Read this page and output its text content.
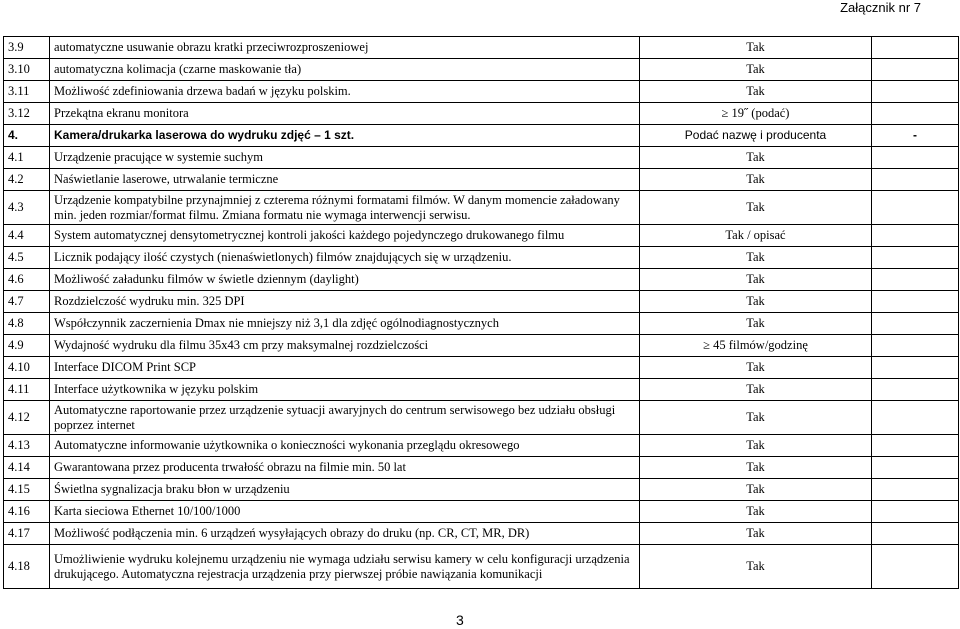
Załącznik nr 7
3.9	automatyczne usuwanie obrazu kratki przeciwrozproszeniowej	Tak	
3.10	automatyczna kolimacja (czarne maskowanie tła)	Tak	
3.11	Możliwość zdefiniowania drzewa badań w języku polskim.	Tak	
3.12	Przekątna ekranu monitora	≥ 19˝ (podać)	
4.	Kamera/drukarka laserowa do wydruku zdjęć – 1 szt.	Podać nazwę i producenta	-
4.1	Urządzenie pracujące w systemie suchym	Tak	
4.2	Naświetlanie laserowe, utrwalanie termiczne	Tak	
4.3	Urządzenie kompatybilne przynajmniej z czterema różnymi formatami filmów. W danym momencie załadowany min. jeden rozmiar/format filmu. Zmiana formatu nie wymaga interwencji serwisu.	Tak	
4.4	System automatycznej densytometrycznej kontroli jakości każdego pojedynczego drukowanego filmu	Tak / opisać	
4.5	Licznik podający ilość czystych (nienaświetlonych) filmów znajdujących się w urządzeniu.	Tak	
4.6	Możliwość załadunku filmów w świetle dziennym (daylight)	Tak	
4.7	Rozdzielczość wydruku min. 325 DPI	Tak	
4.8	Współczynnik zaczernienia Dmax nie mniejszy niż 3,1 dla zdjęć ogólnodiagnostycznych	Tak	
4.9	Wydajność wydruku dla filmu 35x43 cm przy maksymalnej rozdzielczości	≥ 45 filmów/godzinę	
4.10	Interface DICOM Print SCP	Tak	
4.11	Interface użytkownika w języku polskim	Tak	
4.12	Automatyczne raportowanie przez urządzenie sytuacji awaryjnych do centrum serwisowego bez udziału obsługi poprzez internet	Tak	
4.13	Automatyczne informowanie użytkownika o konieczności wykonania przeglądu okresowego	Tak	
4.14	Gwarantowana przez producenta trwałość obrazu na filmie min. 50 lat	Tak	
4.15	Świetlna sygnalizacja braku błon w urządzeniu	Tak	
4.16	Karta sieciowa Ethernet 10/100/1000	Tak	
4.17	Możliwość podłączenia min. 6 urządzeń wysyłających obrazy do druku (np. CR, CT, MR, DR)	Tak	
4.18	Umożliwienie wydruku kolejnemu urządzeniu nie wymaga udziału serwisu kamery w celu konfiguracji urządzenia drukującego. Automatyczna rejestracja urządzenia przy pierwszej próbie nawiązania komunikacji	Tak	
3
